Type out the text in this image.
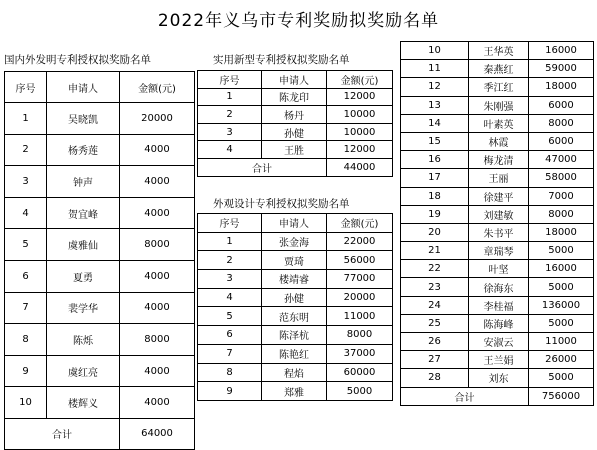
2022年义乌市专利奖励拟奖励名单
国内外发明专利授权拟奖励名单
序号	申请人	金额(元)
1	吴晓凯	20000
2	杨秀莲	4000
3	钟声	4000
4	贺宜峰	4000
5	虞雅仙	8000
6	夏勇	4000
7	裴学华	4000
8	陈烁	8000
9	虞红亮	4000
10	楼辉义	4000
合计		64000
实用新型专利授权拟奖励名单
序号	申请人	金额(元)
1	陈龙印	12000
2	杨丹	10000
3	孙健	10000
4	王胜	12000
合计		44000
外观设计专利授权拟奖励名单
序号	申请人	金额(元)
1	张金海	22000
2	贾琦	56000
3	楼靖睿	77000
4	孙健	20000
5	范东明	11000
6	陈泽杭	8000
7	陈艳红	37000
8	程焰	60000
9	郑雅	5000
10	王华英	16000
11	秦燕红	59000
12	季江红	18000
13	朱刚强	6000
14	叶素英	8000
15	林霞	6000
16	梅龙清	47000
17	王丽	58000
18	徐建平	7000
19	刘建敏	8000
20	朱书平	18000
21	章瑞琴	5000
22	叶坚	16000
23	徐海东	5000
24	李桂福	136000
25	陈海峰	5000
26	安淑云	11000
27	王兰娟	26000
28	刘东	5000
合计		756000
